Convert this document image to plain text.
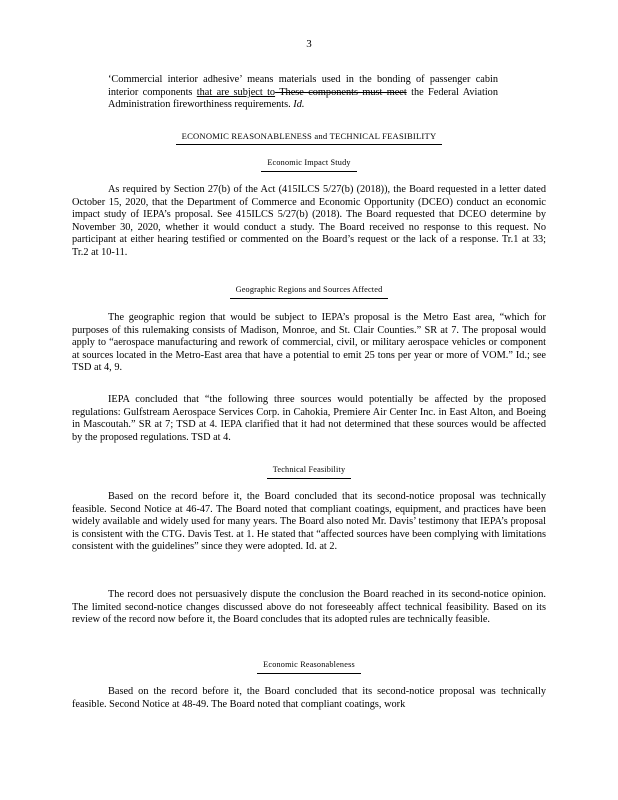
3
‘Commercial interior adhesive’ means materials used in the bonding of passenger cabin interior components that are subject to These components must meet the Federal Aviation Administration fireworthiness requirements. Id.
ECONOMIC REASONABLENESS and TECHNICAL FEASIBILITY
Economic Impact Study
As required by Section 27(b) of the Act (415ILCS 5/27(b) (2018)), the Board requested in a letter dated October 15, 2020, that the Department of Commerce and Economic Opportunity (DCEO) conduct an economic impact study of IEPA’s proposal. See 415ILCS 5/27(b) (2018). The Board requested that DCEO determine by November 30, 2020, whether it would conduct a study. The Board received no response to this request. No participant at either hearing testified or commented on the Board’s request or the lack of a response. Tr.1 at 33; Tr.2 at 10-11.
Geographic Regions and Sources Affected
The geographic region that would be subject to IEPA’s proposal is the Metro East area, “which for purposes of this rulemaking consists of Madison, Monroe, and St. Clair Counties.” SR at 7. The proposal would apply to “aerospace manufacturing and rework of commercial, civil, or military aerospace vehicles or component at sources located in the Metro-East area that have a potential to emit 25 tons per year or more of VOM.” Id.; see TSD at 4, 9.
IEPA concluded that “the following three sources would potentially be affected by the proposed regulations: Gulfstream Aerospace Services Corp. in Cahokia, Premiere Air Center Inc. in East Alton, and Boeing in Mascoutah.” SR at 7; TSD at 4. IEPA clarified that it had not determined that these sources would be affected by the proposed regulations. TSD at 4.
Technical Feasibility
Based on the record before it, the Board concluded that its second-notice proposal was technically feasible. Second Notice at 46-47. The Board noted that compliant coatings, equipment, and practices have been widely available and widely used for many years. The Board also noted Mr. Davis’ testimony that IEPA’s proposal is consistent with the CTG. Davis Test. at 1. He stated that “affected sources have been complying with limitations consistent with the guidelines” since they were adopted. Id. at 2.
The record does not persuasively dispute the conclusion the Board reached in its second-notice opinion. The limited second-notice changes discussed above do not foreseeably affect technical feasibility. Based on its review of the record now before it, the Board concludes that its adopted rules are technically feasible.
Economic Reasonableness
Based on the record before it, the Board concluded that its second-notice proposal was technically feasible. Second Notice at 48-49. The Board noted that compliant coatings, work
